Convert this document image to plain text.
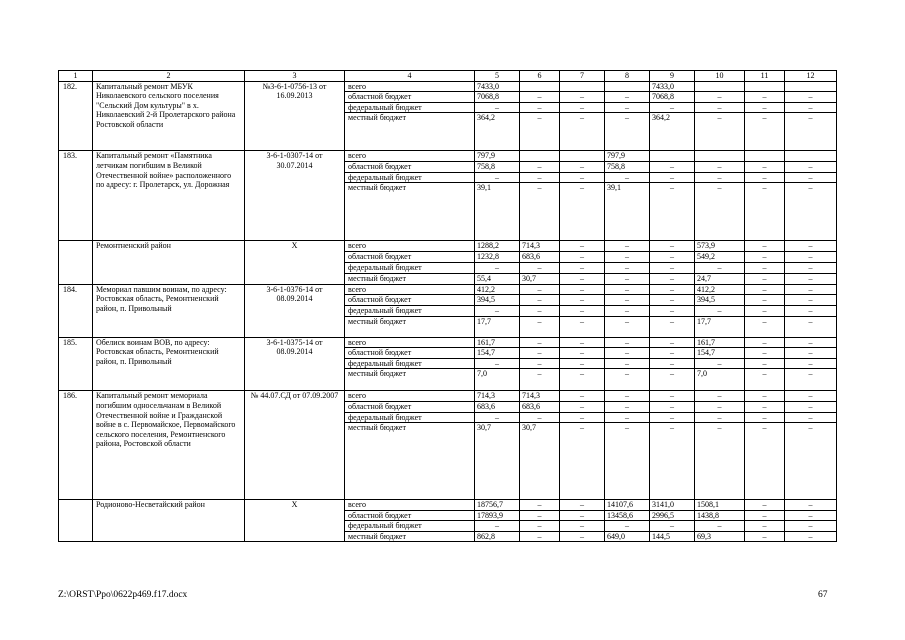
1	2	3	4	5	6	7	8	9	10	11	12
182.	Капитальный ремонт МБУК Николаевского сельского поселения "Сельский Дом культуры" в х. Николаевский 2-й Пролетарского района Ростовской области	№3-6-1-0756-13 от 16.09.2013	всего	7433,0				7433,0			
			областной бюджет	7068,8	–	–	–	7068,8	–	–	–
			федеральный бюджет	–	–	–	–	–	–	–	–
			местный бюджет	364,2	–	–	–	364,2	–	–	–
183.	Капитальный ремонт «Памятника летчикам погибшим в Великой Отечественной войне» расположенного по адресу: г. Пролетарск, ул. Дорожная	3-6-1-0307-14 от 30.07.2014	всего	797,9			797,9				
			областной бюджет	758,8	–	–	758,8	–	–	–	–
			федеральный бюджет	–	–	–	–	–	–	–	–
			местный бюджет	39,1	–	–	39,1	–	–	–	–
	Ремонтненский район	Х	всего	1288,2	714,3	–	–	–	573,9	–	–
			областной бюджет	1232,8	683,6	–	–	–	549,2	–	–
			федеральный бюджет	–	–	–	–	–	–	–	–
			местный бюджет	55,4	30,7	–	–	–	24,7	–	–
184.	Мемориал павшим воинам, по адресу: Ростовская область, Ремонтненский район, п. Привольный	3-6-1-0376-14 от 08.09.2014	всего	412,2	–	–	–	–	412,2	–	–
			областной бюджет	394,5	–	–	–	–	394,5	–	–
			федеральный бюджет	–	–	–	–	–	–	–	–
			местный бюджет	17,7	–	–	–	–	17,7	–	–
185.	Обелиск воинам ВОВ, по адресу: Ростовская область, Ремонтненский район, п. Привольный	3-6-1-0375-14 от 08.09.2014	всего	161,7	–	–	–	–	161,7	–	–
			областной бюджет	154,7	–	–	–	–	154,7	–	–
			федеральный бюджет	–	–	–	–	–	–	–	–
			местный бюджет	7,0	–	–	–	–	7,0	–	–
186.	Капитальный ремонт мемориала погибшим односельчанам в Великой Отечественной войне и Гражданской войне в с. Первомайское, Первомайского сельского поселения, Ремонтненского района, Ростовской области	№ 44.07.СД от 07.09.2007	всего	714,3	714,3	–	–	–	–	–	–
			областной бюджет	683,6	683,6	–	–	–	–	–	–
			федеральный бюджет	–	–	–	–	–	–	–	–
			местный бюджет	30,7	30,7	–	–	–	–	–	–
	Родионово-Несветайский район	Х	всего	18756,7	–	–	14107,6	3141,0	1508,1	–	–
			областной бюджет	17893,9	–	–	13458,6	2996,5	1438,8	–	–
			федеральный бюджет	–	–	–	–	–	–	–	–
			местный бюджет	862,8	–	–	649,0	144,5	69,3	–	–
Z:\ORST\Ppo\0622p469.f17.docx	67
